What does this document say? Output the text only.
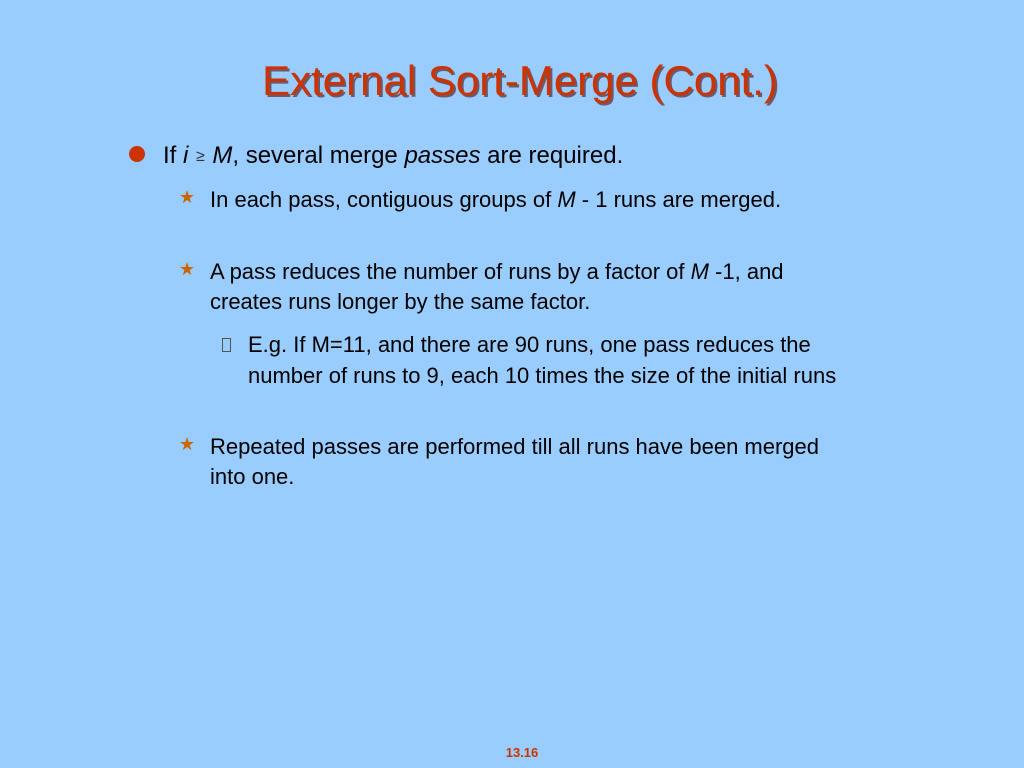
External Sort-Merge (Cont.)
If i ≥ M, several merge passes are required.
★ In each pass, contiguous groups of M - 1 runs are merged.
★ A pass reduces the number of runs by a factor of M -1, and creates runs longer by the same factor.
E.g. If M=11, and there are 90 runs, one pass reduces the number of runs to 9, each 10 times the size of the initial runs
★ Repeated passes are performed till all runs have been merged into one.
13.16
